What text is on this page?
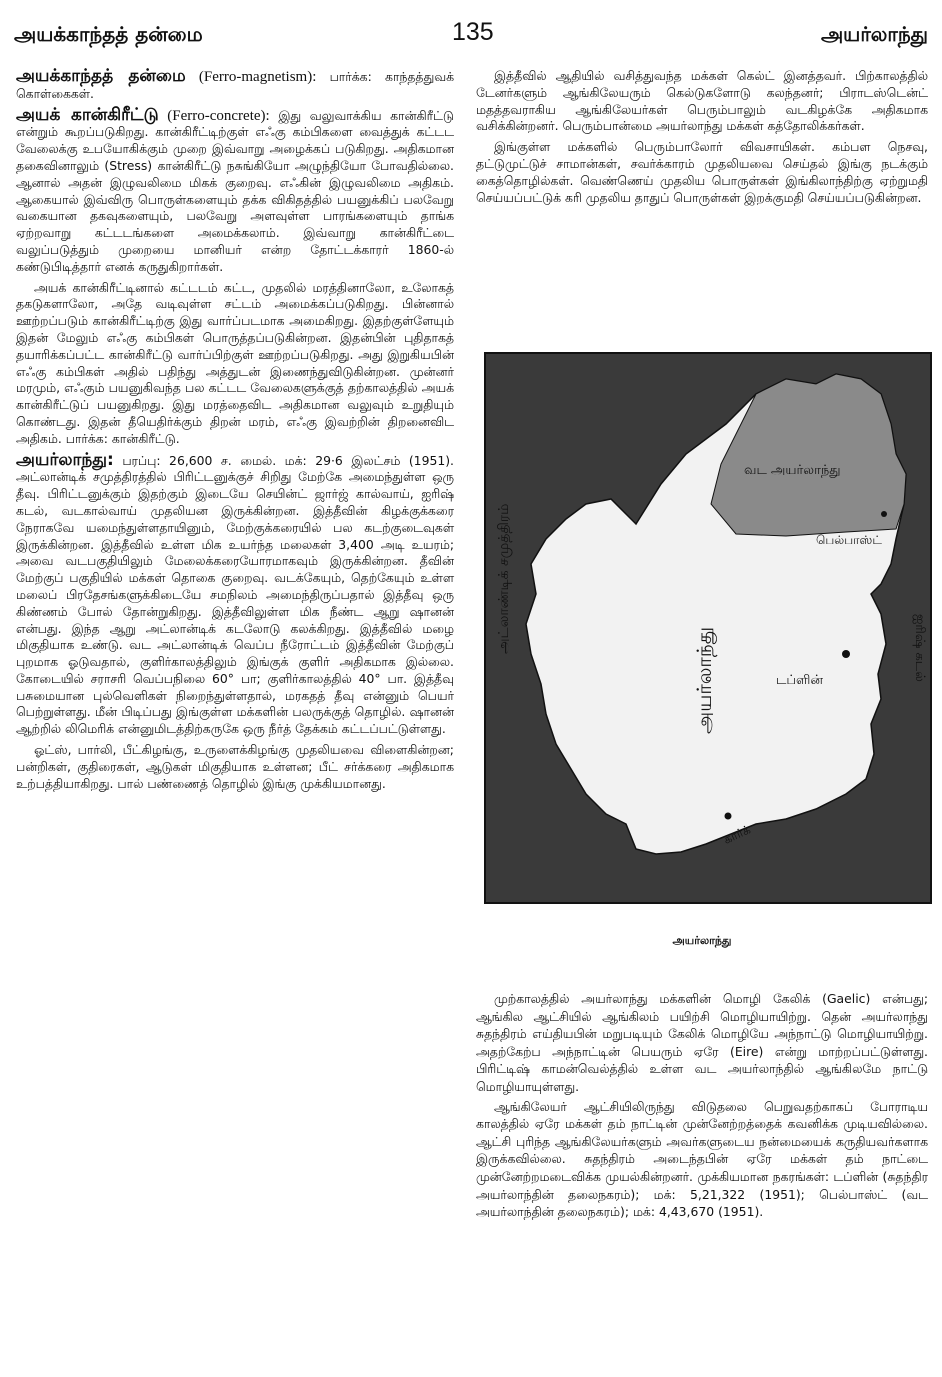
அயக்காந்தத் தன்மை	135	அயர்லாந்து

அயக்காந்தத் தன்மை (Ferro-magnetism): பார்க்க: காந்தத்துவக் கொள்கைகள்.

அயக் கான்கிரீட்டு (Ferro-concrete): இது வலுவாக்கிய கான்கிரீட்டு என்றும் கூறப்படுகிறது. கான்கிரீட்டிற்குள் எஃகு கம்பிகளை வைத்துக் கட்டட வேலைக்கு உபயோகிக்கும் முறை இவ்வாறு அழைக்கப் படுகிறது. அதிகமான தகைவினாலும் (Stress) கான்கிரீட்டு நசுங்கியோ அழுந்தியோ போவதில்லை. ஆனால் அதன் இழுவலிமை மிகக் குறைவு. எஃகின் இழுவலிமை அதிகம். ஆகையால் இவ்விரு பொருள்களையும் தக்க விகிதத்தில் பயனுக்கிப் பலவேறு வகையான தகவுகளையும், பலவேறு அளவுள்ள பாரங்களையும் தாங்க ஏற்றவாறு கட்டடங்களை அமைக்கலாம். இவ்வாறு கான்கிரீட்டை வலுப்படுத்தும் முறையை மானியர் என்ற தோட்டக்காரர் 1860-ல் கண்டுபிடித்தார் எனக் கருதுகிறார்கள்.

அயக் கான்கிரீட்டினால் கட்டடம் கட்ட, முதலில் மரத்தினாலோ, உலோகத் தகடுகளாலோ, அதே வடிவுள்ள சட்டம் அமைக்கப்படுகிறது. பின்னால் ஊற்றப்படும் கான்கிரீட்டிற்கு இது வார்ப்படமாக அமைகிறது. இதற்குள்ளேயும் இதன் மேலும் எஃகு கம்பிகள் பொருத்தப்படுகின்றன. இதன்பின் புதிதாகத் தயாரிக்கப்பட்ட கான்கிரீட்டு வார்ப்பிற்குள் ஊற்றப்படுகிறது. அது இறுகியபின் எஃகு கம்பிகள் அதில் பதிந்து அத்துடன் இணைந்துவிடுகின்றன. முன்னர் மரமும், எஃகும் பயனுகிவந்த பல கட்டட வேலைகளுக்குத் தற்காலத்தில் அயக் கான்கிரீட்டுப் பயனுகிறது. இது மரத்தைவிட அதிகமான வலுவும் உறுதியும் கொண்டது. இதன் தீயெதிர்க்கும் திறன் மரம், எஃகு இவற்றின் திறனைவிட அதிகம். பார்க்க: கான்கிரீட்டு.

அயர்லாந்து: பரப்பு: 26,600 ச. மைல். மக்: 29·6 இலட்சம் (1951). அட்லான்டிக் சமுத்திரத்தில் பிரிட்டனுக்குச் சிறிது மேற்கே அமைந்துள்ள ஒரு தீவு. பிரிட்டனுக்கும் இதற்கும் இடையே செயின்ட் ஜார்ஜ் கால்வாய், ஐரிஷ் கடல், வடகால்வாய் முதலியன இருக்கின்றன. இத்தீவின் கிழக்குக்கரை நேராகவே யமைந்துள்ளதாயினும், மேற்குக்கரையில் பல கடற்குடைவுகள் இருக்கின்றன. இத்தீவில் உள்ள மிக உயர்ந்த மலைகள் 3,400 அடி உயரம்; அவை வடபகுதியிலும் மேலைக்கரையோரமாகவும் இருக்கின்றன. தீவின் மேற்குப் பகுதியில் மக்கள் தொகை குறைவு. வடக்கேயும், தெற்கேயும் உள்ள மலைப் பிரதேசங்களுக்கிடையே சமநிலம் அமைந்திருப்பதால் இத்தீவு ஒரு கிண்ணம் போல் தோன்றுகிறது. இத்தீவிலுள்ள மிக நீண்ட ஆறு ஷானன் என்பது. இந்த ஆறு அட்லான்டிக் கடலோடு கலக்கிறது. இத்தீவில் மழை மிகுதியாக உண்டு. வட அட்லான்டிக் வெப்ப நீரோட்டம் இத்தீவின் மேற்குப் புறமாக ஓடுவதால், குளிர்காலத்திலும் இங்குக் குளிர் அதிகமாக இல்லை. கோடையில் சராசரி வெப்பநிலை 60° பா; குளிர்காலத்தில் 40° பா. இத்தீவு பசுமையான புல்வெளிகள் நிறைந்துள்ளதால், மரகதத் தீவு என்னும் பெயர் பெற்றுள்ளது. மீன் பிடிப்பது இங்குள்ள மக்களின் பலருக்குத் தொழில். ஷானன் ஆற்றில் லிமெரிக் என்னுமிடத்திற்கருகே ஒரு நீர்த் தேக்கம் கட்டப்பட்டுள்ளது.

ஓட்ஸ், பார்லி, பீட்கிழங்கு, உருளைக்கிழங்கு முதலியவை விளைகின்றன; பன்றிகள், குதிரைகள், ஆடுகள் மிகுதியாக உள்ளன; பீட் சர்க்கரை அதிகமாக உற்பத்தியாகிறது. பால் பண்ணைத் தொழில் இங்கு முக்கியமானது.

இத்தீவில் ஆதியில் வசித்துவந்த மக்கள் கெல்ட் இனத்தவர். பிற்காலத்தில் டேனர்களும் ஆங்கிலேயரும் கெல்டுகளோடு கலந்தனர்; பிராடஸ்டென்ட் மதத்தவராகிய ஆங்கிலேயர்கள் பெரும்பாலும் வடகிழக்கே அதிகமாக வசிக்கின்றனர். பெரும்பான்மை அயர்லாந்து மக்கள் கத்தோலிக்கர்கள்.

இங்குள்ள மக்களில் பெரும்பாலோர் விவசாயிகள். கம்பள நெசவு, தட்டுமுட்டுச் சாமான்கள், சவர்க்காரம் முதலியவை செய்தல் இங்கு நடக்கும் கைத்தொழில்கள். வெண்ணெய் முதலிய பொருள்கள் இங்கிலாந்திற்கு ஏற்றுமதி செய்யப்பட்டுக் கரி முதலிய தாதுப் பொருள்கள் இறக்குமதி செய்யப்படுகின்றன.

அட்லாண்டிக் சமுத்திரம்
வட அயர்லாந்து
பெல்பாஸ்ட்
அயர்லாந்து	டப்ளின்
கார்க்
ஐரிஷ் கடல்
அயர்லாந்து

முற்காலத்தில் அயர்லாந்து மக்களின் மொழி கேலிக் (Gaelic) என்பது; ஆங்கில ஆட்சியில் ஆங்கிலம் பயிற்சி மொழியாயிற்று. தென் அயர்லாந்து சுதந்திரம் எய்தியபின் மறுபடியும் கேலிக் மொழியே அந்நாட்டு மொழியாயிற்று. அதற்கேற்ப அந்நாட்டின் பெயரும் ஏரே (Eire) என்று மாற்றப்பட்டுள்ளது. பிரிட்டிஷ் காமன்வெல்த்தில் உள்ள வட அயர்லாந்தில் ஆங்கிலமே நாட்டு மொழியாயுள்ளது.

ஆங்கிலேயர் ஆட்சியிலிருந்து விடுதலை பெறுவதற்காகப் போராடிய காலத்தில் ஏரே மக்கள் தம் நாட்டின் முன்னேற்றத்தைக் கவனிக்க முடியவில்லை. ஆட்சி புரிந்த ஆங்கிலேயர்களும் அவர்களுடைய நன்மையைக் கருதியவர்களாக இருக்கவில்லை. சுதந்திரம் அடைந்தபின் ஏரே மக்கள் தம் நாட்டை முன்னேற்றமடைவிக்க முயல்கின்றனர். முக்கியமான நகரங்கள்: டப்ளின் (சுதந்திர அயர்லாந்தின் தலைநகரம்); மக்: 5,21,322 (1951); பெல்பாஸ்ட் (வட அயர்லாந்தின் தலைநகரம்); மக்: 4,43,670 (1951).
